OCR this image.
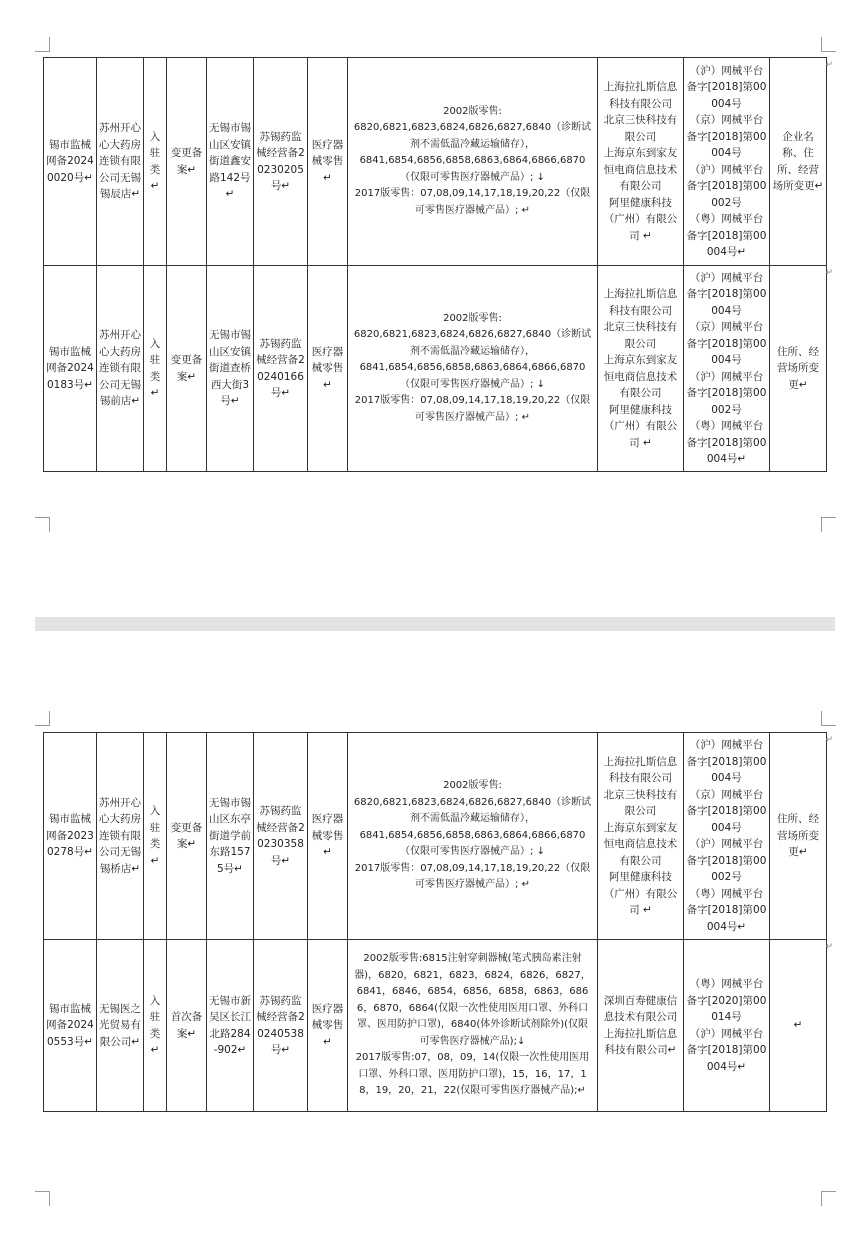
锡市监械网备20240020号↵	苏州开心心大药房连锁有限公司无锡锡辰店↵	入驻类↵	变更备案↵	无锡市锡山区安镇街道鑫安路142号↵	苏锡药监械经营备20230205号↵	医疗器械零售↵	2002版零售:
6820,6821,6823,6824,6826,6827,6840（诊断试剂不需低温冷藏运输储存），
6841,6854,6856,6858,6863,6864,6866,6870（仅限可零售医疗器械产品）; ↓
2017版零售：07,08,09,14,17,18,19,20,22（仅限可零售医疗器械产品）; ↵	上海拉扎斯信息科技有限公司
北京三快科技有限公司
上海京东到家友恒电商信息技术有限公司
阿里健康科技（广州）有限公司 ↵	（沪）网械平台备字[2018]第00004号
（京）网械平台备字[2018]第00004号
（沪）网械平台备字[2018]第00002号
（粤）网械平台备字[2018]第00004号↵	企业名称、住所、经营场所变更↵
锡市监械网备20240183号↵	苏州开心心大药房连锁有限公司无锡锡前店↵	入驻类↵	变更备案↵	无锡市锡山区安镇街道查桥西大街3号↵	苏锡药监械经营备20240166号↵	医疗器械零售↵	2002版零售:
6820,6821,6823,6824,6826,6827,6840（诊断试剂不需低温冷藏运输储存），
6841,6854,6856,6858,6863,6864,6866,6870（仅限可零售医疗器械产品）; ↓
2017版零售：07,08,09,14,17,18,19,20,22（仅限可零售医疗器械产品）; ↵	上海拉扎斯信息科技有限公司
北京三快科技有限公司
上海京东到家友恒电商信息技术有限公司
阿里健康科技（广州）有限公司 ↵	（沪）网械平台备字[2018]第00004号
（京）网械平台备字[2018]第00004号
（沪）网械平台备字[2018]第00002号
（粤）网械平台备字[2018]第00004号↵	住所、经营场所变更↵
↵
↵
锡市监械网备20230278号↵	苏州开心心大药房连锁有限公司无锡锡桥店↵	入驻类↵	变更备案↵	无锡市锡山区东亭街道学前东路1575号↵	苏锡药监械经营备20230358号↵	医疗器械零售↵	2002版零售:
6820,6821,6823,6824,6826,6827,6840（诊断试剂不需低温冷藏运输储存），
6841,6854,6856,6858,6863,6864,6866,6870（仅限可零售医疗器械产品）; ↓
2017版零售：07,08,09,14,17,18,19,20,22（仅限可零售医疗器械产品）; ↵	上海拉扎斯信息科技有限公司
北京三快科技有限公司
上海京东到家友恒电商信息技术有限公司
阿里健康科技（广州）有限公司 ↵	（沪）网械平台备字[2018]第00004号
（京）网械平台备字[2018]第00004号
（沪）网械平台备字[2018]第00002号
（粤）网械平台备字[2018]第00004号↵	住所、经营场所变更↵
锡市监械网备20240553号↵	无锡医之光贸易有限公司↵	入驻类↵	首次备案↵	无锡市新吴区长江北路284-902↵	苏锡药监械经营备20240538号↵	医疗器械零售↵	2002版零售:6815注射穿刺器械(笔式胰岛素注射器)，6820，6821，6823，6824，6826，6827，6841，6846，6854，6856，6858，6863，6866，6870，6864(仅限一次性使用医用口罩、外科口罩、医用防护口罩)，6840(体外诊断试剂除外)(仅限可零售医疗器械产品);↓
2017版零售:07，08，09，14(仅限一次性使用医用口罩、外科口罩、医用防护口罩)，15，16，17，18，19，20，21，22(仅限可零售医疗器械产品);↵	深圳百寿健康信息技术有限公司
上海拉扎斯信息科技有限公司↵	（粤）网械平台备字[2020]第00014号
（沪）网械平台备字[2018]第00004号↵	↵
↵
↵
